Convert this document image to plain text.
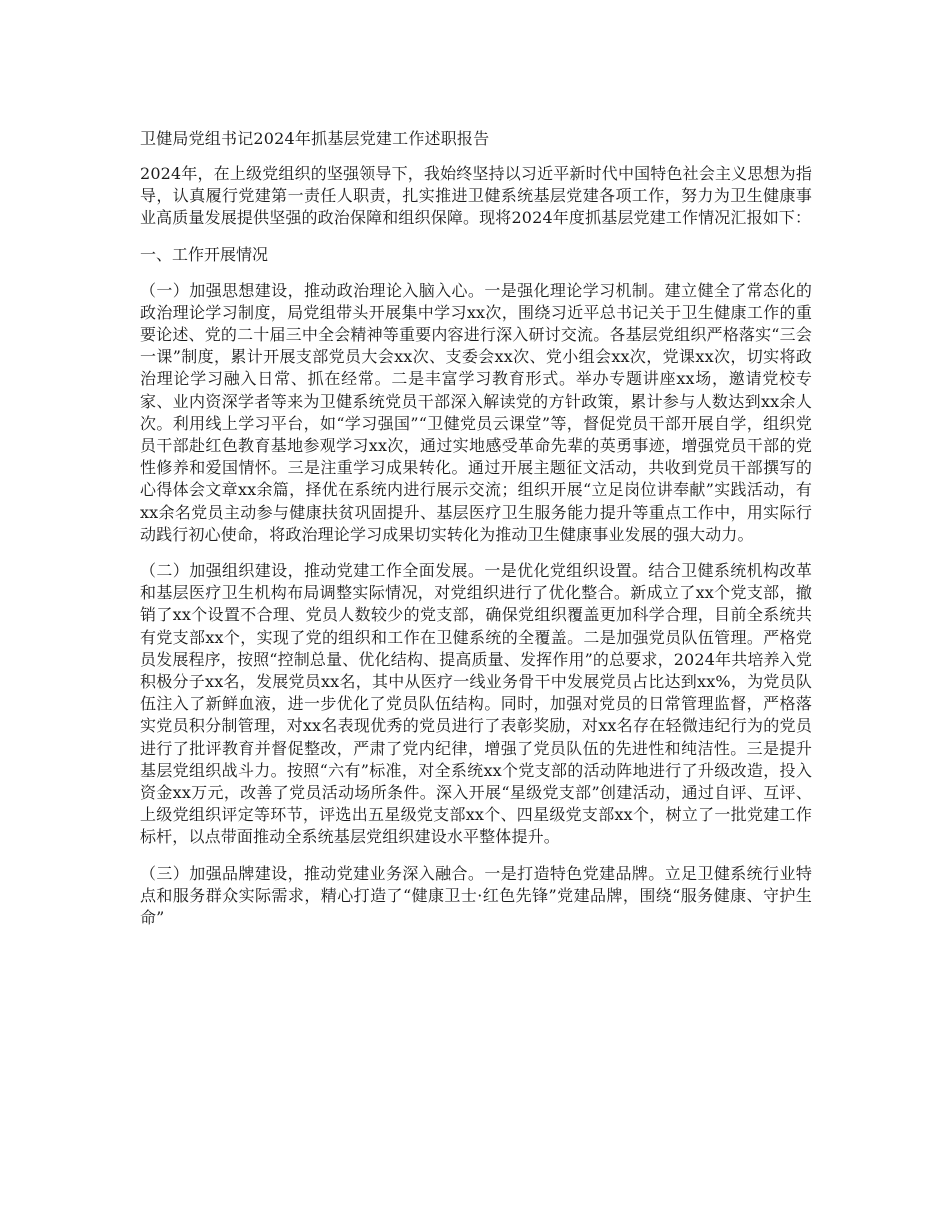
卫健局党组书记2024年抓基层党建工作述职报告

2024年，在上级党组织的坚强领导下，我始终坚持以习近平新时代中国特色社会主义思想为指导，认真履行党建第一责任人职责，扎实推进卫健系统基层党建各项工作，努力为卫生健康事业高质量发展提供坚强的政治保障和组织保障。现将2024年度抓基层党建工作情况汇报如下：

一、工作开展情况

（一）加强思想建设，推动政治理论入脑入心。一是强化理论学习机制。建立健全了常态化的政治理论学习制度，局党组带头开展集中学习xx次，围绕习近平总书记关于卫生健康工作的重要论述、党的二十届三中全会精神等重要内容进行深入研讨交流。各基层党组织严格落实“三会一课”制度，累计开展支部党员大会xx次、支委会xx次、党小组会xx次，党课xx次，切实将政治理论学习融入日常、抓在经常。二是丰富学习教育形式。举办专题讲座xx场，邀请党校专家、业内资深学者等来为卫健系统党员干部深入解读党的方针政策，累计参与人数达到xx余人次。利用线上学习平台，如“学习强国”“卫健党员云课堂”等，督促党员干部开展自学，组织党员干部赴红色教育基地参观学习xx次，通过实地感受革命先辈的英勇事迹，增强党员干部的党性修养和爱国情怀。三是注重学习成果转化。通过开展主题征文活动，共收到党员干部撰写的心得体会文章xx余篇，择优在系统内进行展示交流；组织开展“立足岗位讲奉献”实践活动，有xx余名党员主动参与健康扶贫巩固提升、基层医疗卫生服务能力提升等重点工作中，用实际行动践行初心使命，将政治理论学习成果切实转化为推动卫生健康事业发展的强大动力。

（二）加强组织建设，推动党建工作全面发展。一是优化党组织设置。结合卫健系统机构改革和基层医疗卫生机构布局调整实际情况，对党组织进行了优化整合。新成立了xx个党支部，撤销了xx个设置不合理、党员人数较少的党支部，确保党组织覆盖更加科学合理，目前全系统共有党支部xx个，实现了党的组织和工作在卫健系统的全覆盖。二是加强党员队伍管理。严格党员发展程序，按照“控制总量、优化结构、提高质量、发挥作用”的总要求，2024年共培养入党积极分子xx名，发展党员xx名，其中从医疗一线业务骨干中发展党员占比达到xx%，为党员队伍注入了新鲜血液，进一步优化了党员队伍结构。同时，加强对党员的日常管理监督，严格落实党员积分制管理，对xx名表现优秀的党员进行了表彰奖励，对xx名存在轻微违纪行为的党员进行了批评教育并督促整改，严肃了党内纪律，增强了党员队伍的先进性和纯洁性。三是提升基层党组织战斗力。按照“六有”标准，对全系统xx个党支部的活动阵地进行了升级改造，投入资金xx万元，改善了党员活动场所条件。深入开展“星级党支部”创建活动，通过自评、互评、上级党组织评定等环节，评选出五星级党支部xx个、四星级党支部xx个，树立了一批党建工作标杆，以点带面推动全系统基层党组织建设水平整体提升。

（三）加强品牌建设，推动党建业务深入融合。一是打造特色党建品牌。立足卫健系统行业特点和服务群众实际需求，精心打造了“健康卫士·红色先锋”党建品牌，围绕“服务健康、守护生命”
